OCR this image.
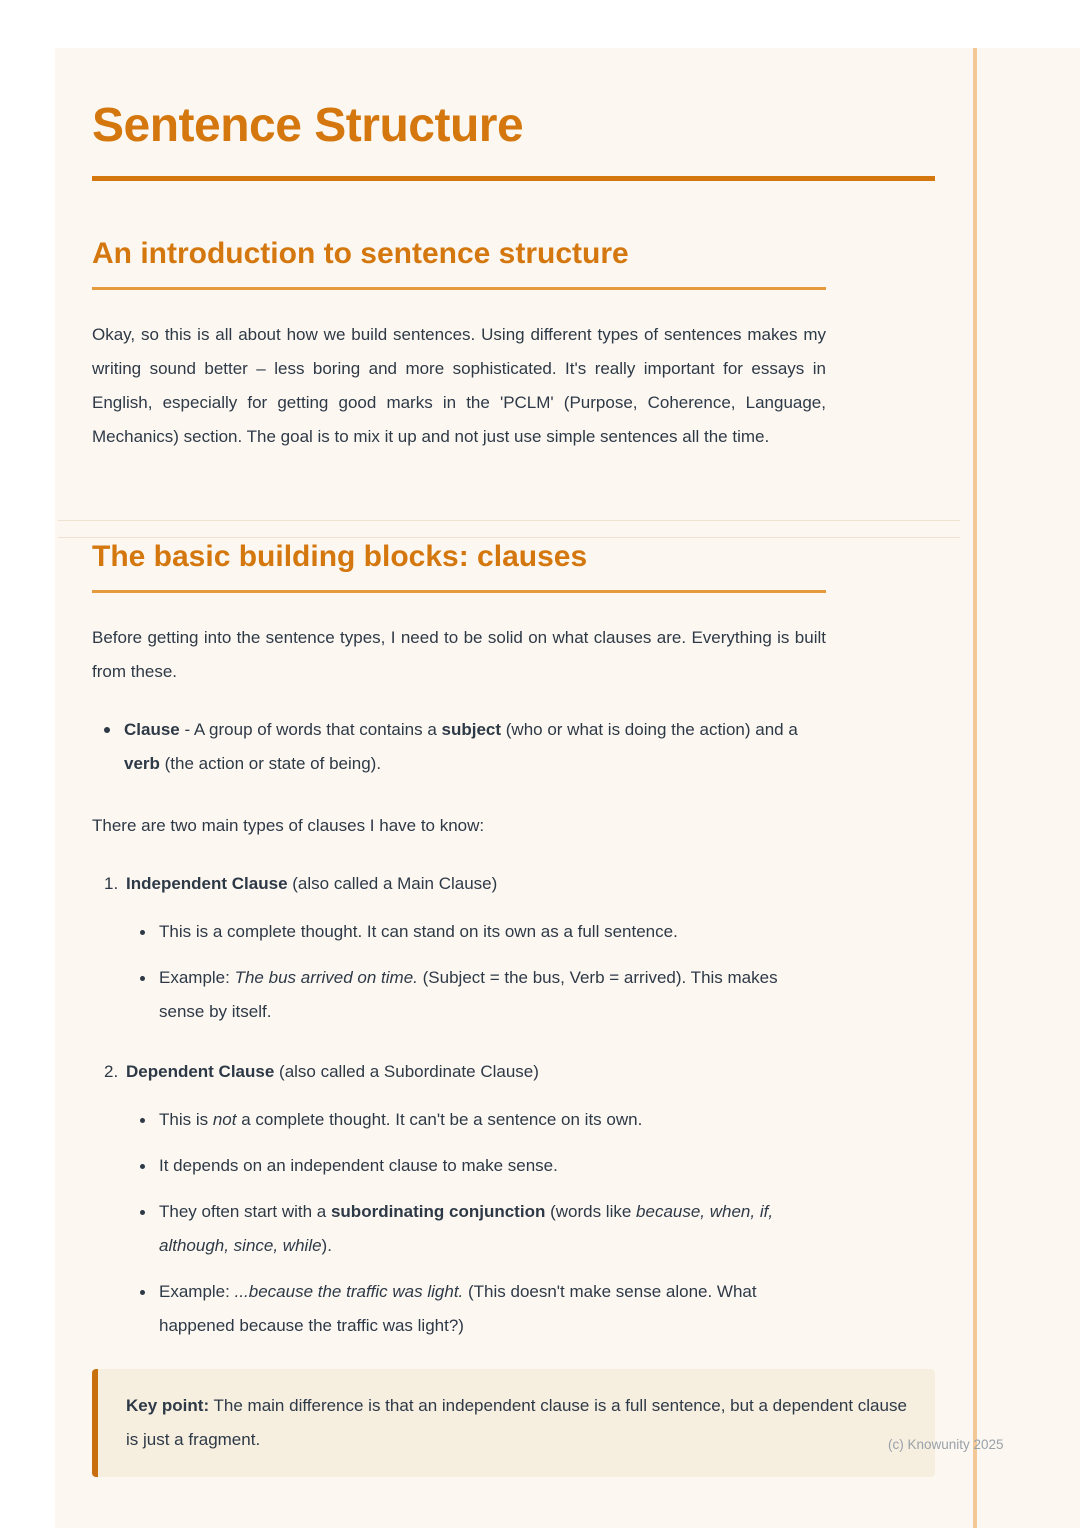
Sentence Structure
An introduction to sentence structure

Okay, so this is all about how we build sentences. Using different types of sentences makes my writing sound better – less boring and more sophisticated. It's really important for essays in English, especially for getting good marks in the 'PCLM' (Purpose, Coherence, Language, Mechanics) section. The goal is to mix it up and not just use simple sentences all the time.

The basic building blocks: clauses

Before getting into the sentence types, I need to be solid on what clauses are. Everything is built from these.

Clause - A group of words that contains a subject (who or what is doing the action) and a verb (the action or state of being).

There are two main types of clauses I have to know:

1. Independent Clause (also called a Main Clause)

This is a complete thought. It can stand on its own as a full sentence.

Example: The bus arrived on time. (Subject = the bus, Verb = arrived). This makes sense by itself.

2. Dependent Clause (also called a Subordinate Clause)

This is not a complete thought. It can't be a sentence on its own.

It depends on an independent clause to make sense.

They often start with a subordinating conjunction (words like because, when, if, although, since, while).

Example: ...because the traffic was light. (This doesn't make sense alone. What happened because the traffic was light?)

Key point: The main difference is that an independent clause is a full sentence, but a dependent clause is just a fragment.	(c) Knowunity 2025
